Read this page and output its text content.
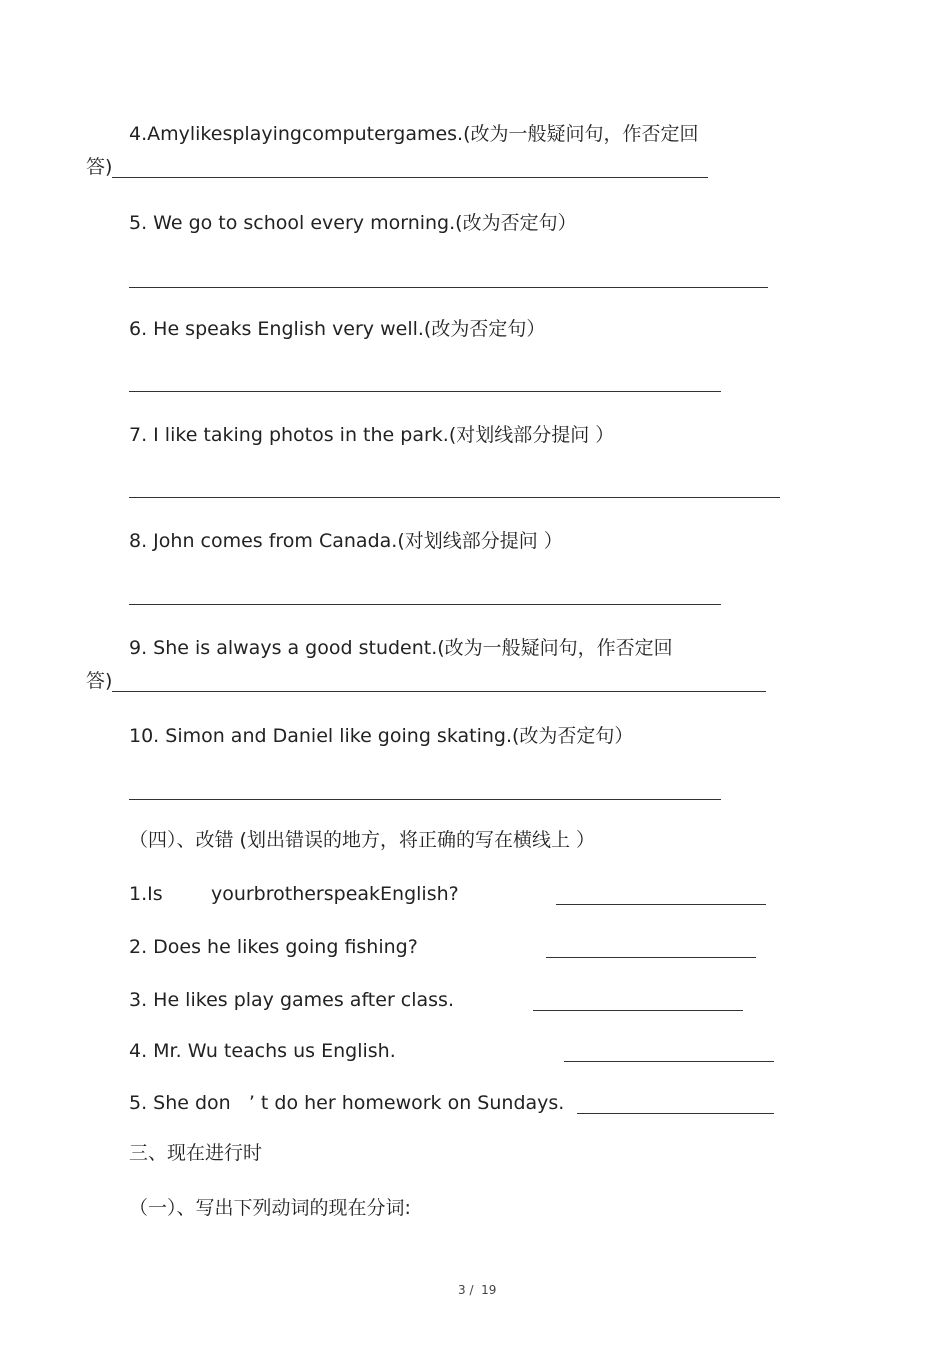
4.Amylikesplayingcomputergames.(改为一般疑问句，作否定回

答)

5. We go to school every morning.(改为否定句）

6. He speaks English very well.(改为否定句）

7. I like taking photos in the park.(对划线部分提问 ）

8. John comes from Canada.(对划线部分提问 ）

9. She is always a good student.(改为一般疑问句，作否定回

答)

10. Simon and Daniel like going skating.(改为否定句）

（四）、改错 (划出错误的地方，将正确的写在横线上 ）

1.Is        yourbrotherspeakEnglish?

2. Does he likes going fishing?

3. He likes play games after class.

4. Mr. Wu teachs us English.

5. She don   ’ t do her homework on Sundays.

三、现在进行时

（一）、写出下列动词的现在分词:

3 /  19
